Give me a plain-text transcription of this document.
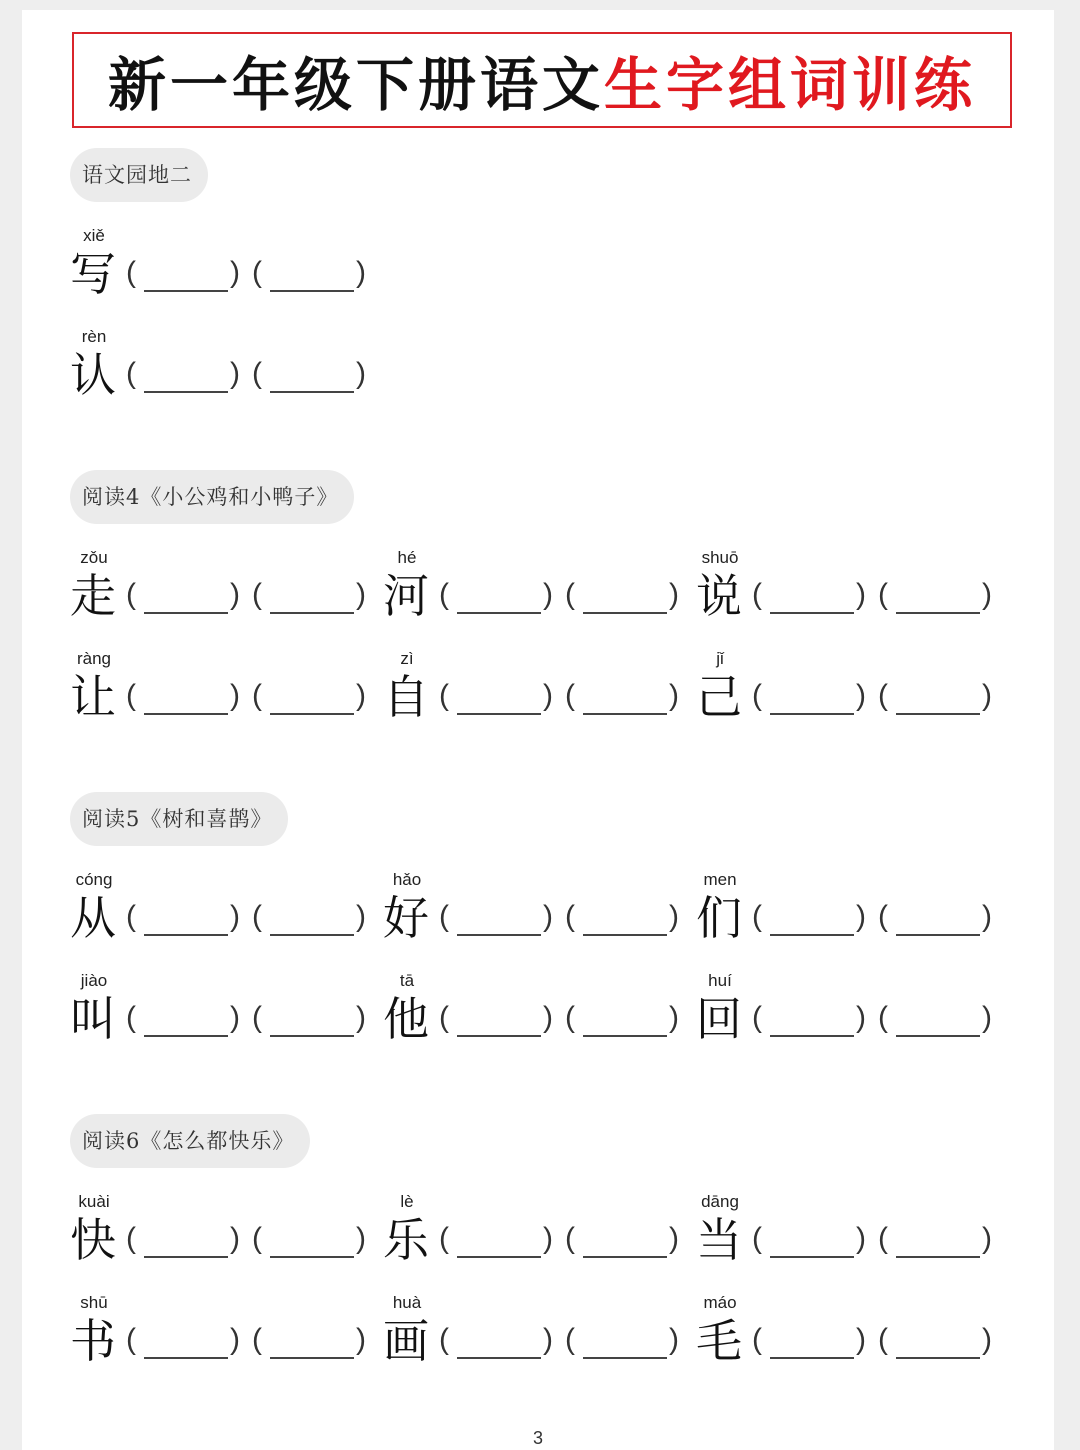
新一年级下册语文 生字组词训练
语文园地二
xiě
写 (	) (	)
rèn
认 (	) (	)
阅读4《小公鸡和小鸭子》
zǒu
走 (	) (	)
hé
河 (	) (	)
shuō
说 (	) (	)
ràng
让 (	) (	)
zì
自 (	) (	)
jǐ
己 (	) (	)
阅读5《树和喜鹊》
cóng
从 (	) (	)
hǎo
好 (	) (	)
men
们 (	) (	)
jiào
叫 (	) (	)
tā
他 (	) (	)
huí
回 (	) (	)
阅读6《怎么都快乐》
kuài
快 (	) (	)
lè
乐 (	) (	)
dāng
当 (	) (	)
shū
书 (	) (	)
huà
画 (	) (	)
máo
毛 (	) (	)
3
